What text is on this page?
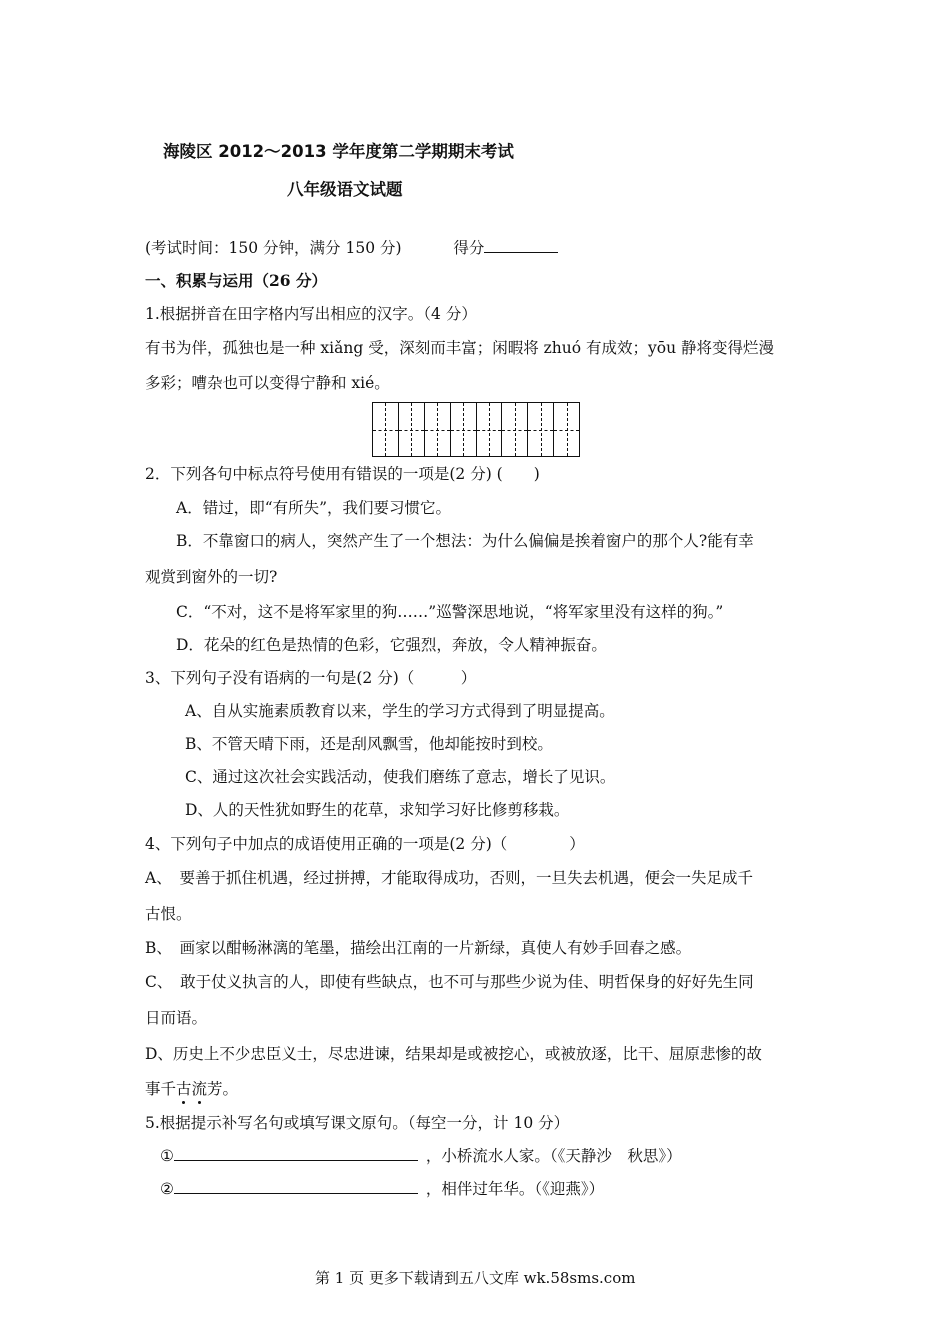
海陵区 2012～2013 学年度第二学期期末考试
八年级语文试题
(考试时间：150 分钟，满分 150 分)	得分
一、积累与运用（26 分）
1.根据拼音在田字格内写出相应的汉字。（4 分）
有书为伴，孤独也是一种 xiǎng 受，深刻而丰富；闲暇将 zhuó 有成效；yōu 静将变得烂漫
多彩；嘈杂也可以变得宁静和 xié。
2．下列各句中标点符号使用有错误的一项是(2 分) (　　)
A．错过，即“有所失”，我们要习惯它。
B．不靠窗口的病人，突然产生了一个想法：为什么偏偏是挨着窗户的那个人?能有幸
观赏到窗外的一切?
C．“不对，这不是将军家里的狗……”巡警深思地说，“将军家里没有这样的狗。”
D．花朵的红色是热情的色彩，它强烈，奔放，令人精神振奋。
3、下列句子没有语病的一句是(2 分)（　　　）
A、自从实施素质教育以来，学生的学习方式得到了明显提高。
B、不管天晴下雨，还是刮风飘雪，他却能按时到校。
C、通过这次社会实践活动，使我们磨练了意志，增长了见识。
D、人的天性犹如野生的花草，求知学习好比修剪移栽。
4、下列句子中加点的成语使用正确的一项是(2 分)（　　　　）
A、　要善于抓住机遇，经过拼搏，才能取得成功，否则，一旦失去机遇，便会一失足成千
古恨。
B、　画家以酣畅淋漓的笔墨，描绘出江南的一片新绿，真使人有妙手回春之感。
C、　敢于仗义执言的人，即使有些缺点，也不可与那些少说为佳、明哲保身的好好先生同
日而语。
D、历史上不少忠臣义士，尽忠进谏，结果却是或被挖心，或被放逐，比干、屈原悲惨的故
事千古流芳。
5.根据提示补写名句或填写课文原句。（每空一分，计 10 分）
①	，小桥流水人家。（《天静沙　秋思》）
②	，相伴过年华。（《迎燕》）
第 1 页 更多下载请到五八文库 wk.58sms.com
